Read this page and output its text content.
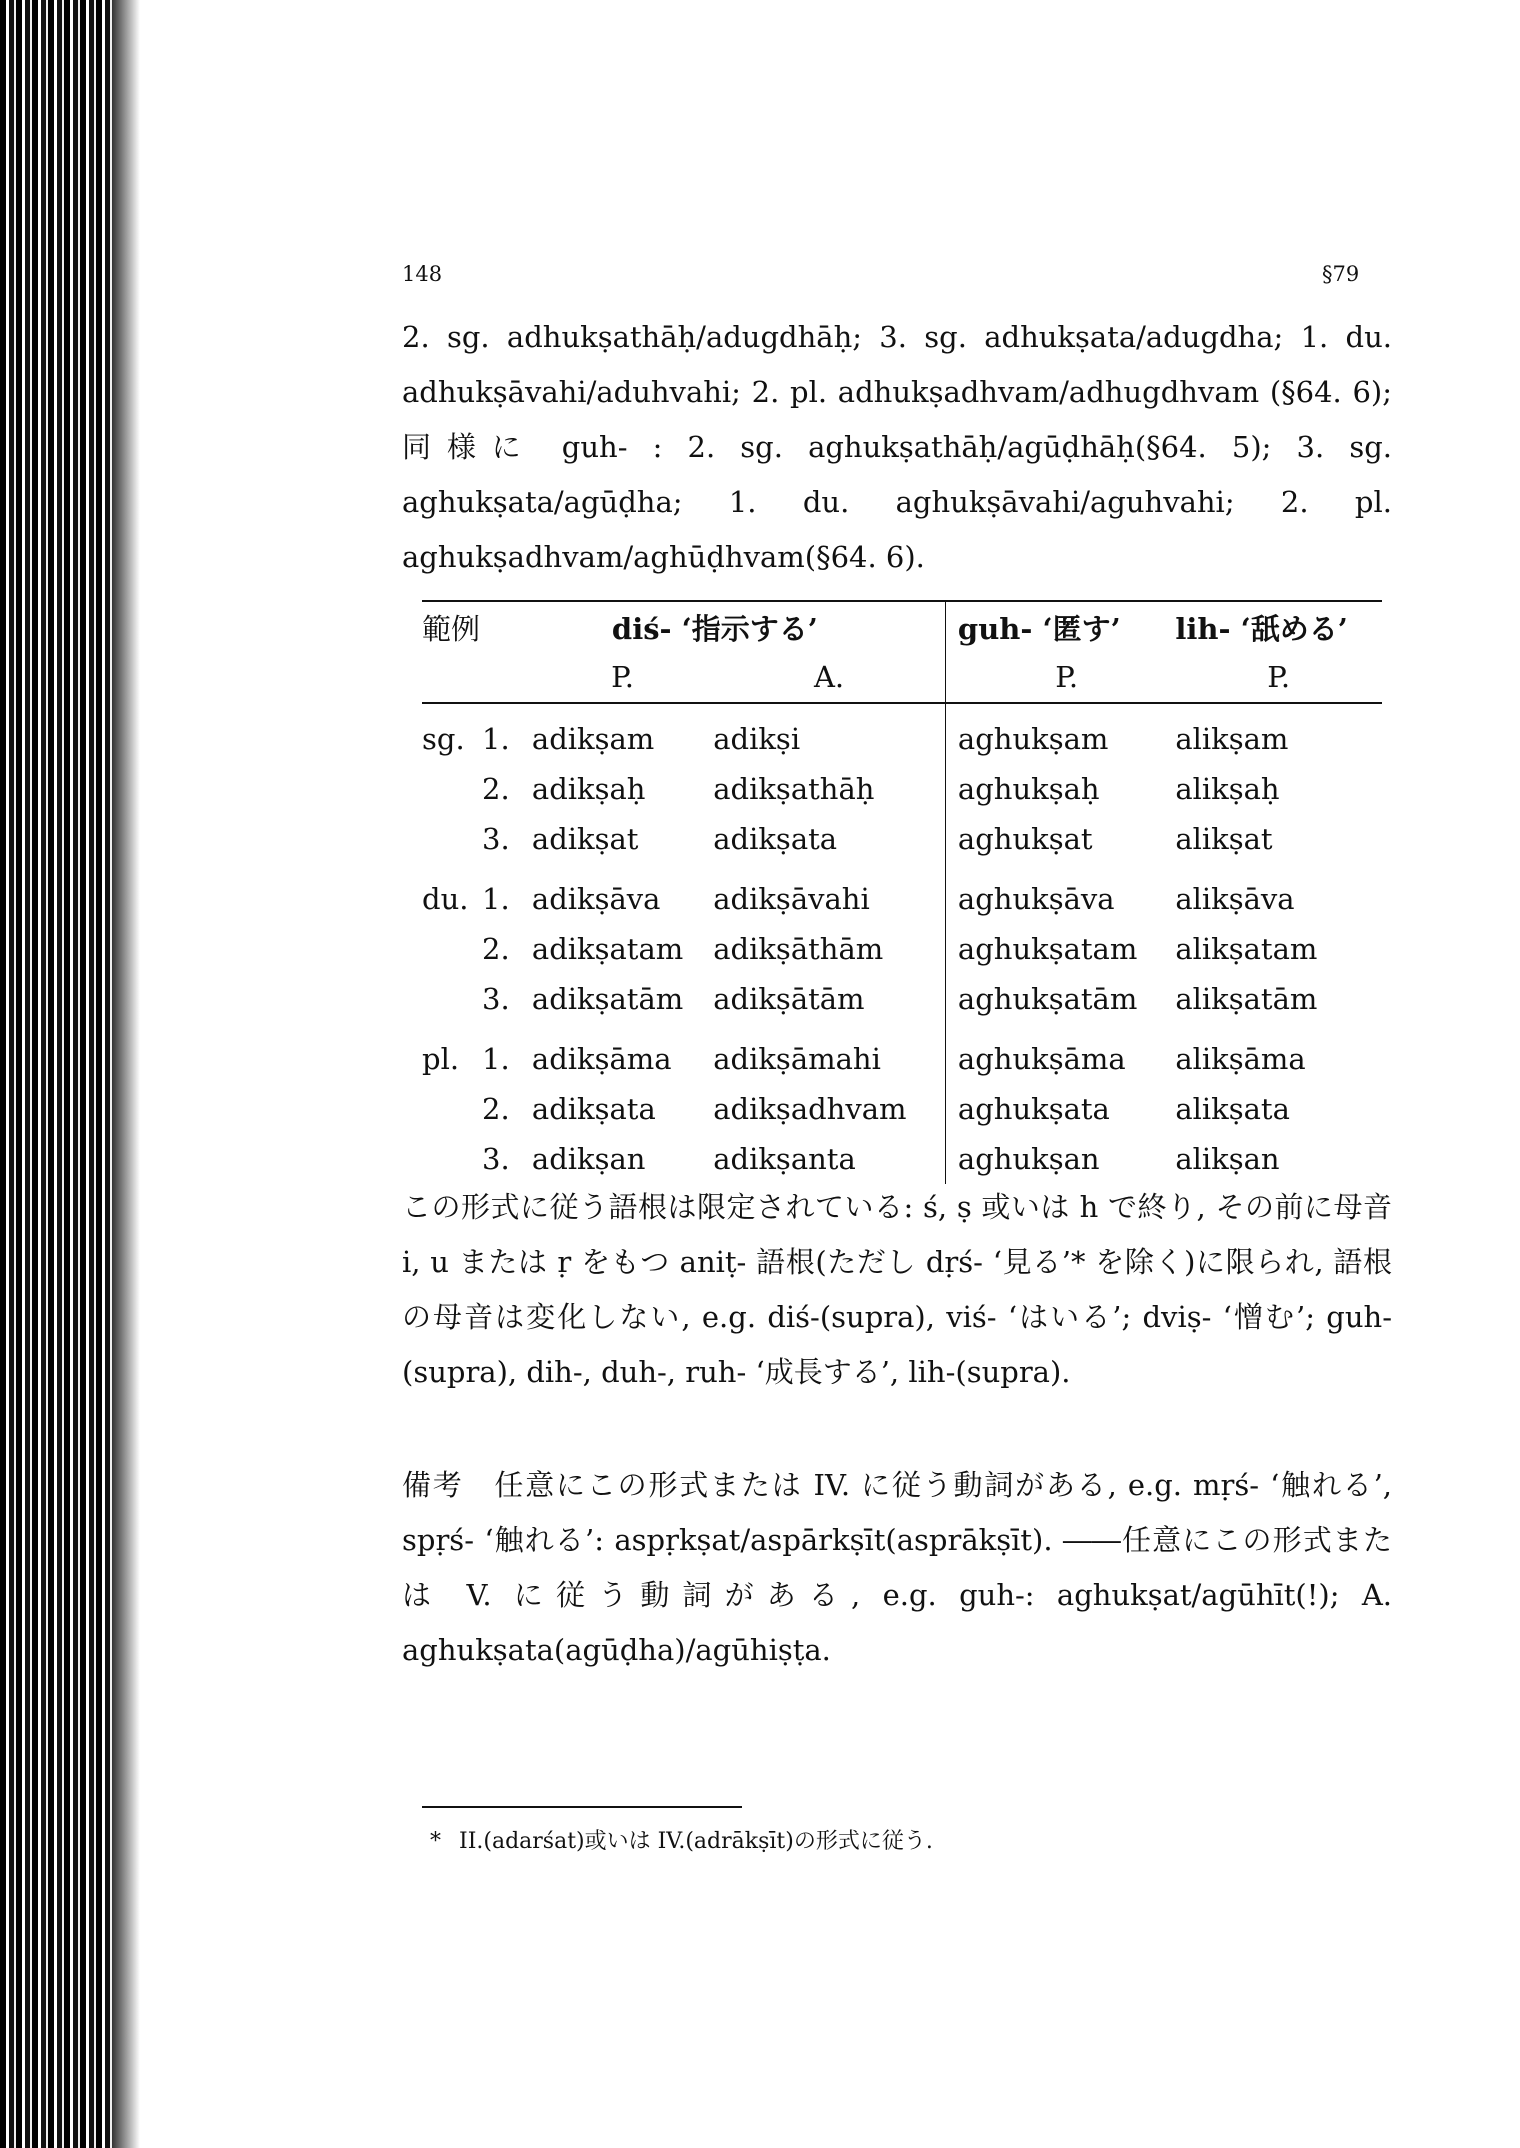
148	§79
2. sg. adhukṣathāḥ/adugdhāḥ; 3. sg. adhukṣata/adugdha; 1. du. adhukṣāvahi/aduhvahi; 2. pl. adhukṣadhvam/adhugdhvam (§64. 6); 同様に guh- : 2. sg. aghukṣathāḥ/agūḍhāḥ(§64. 5); 3. sg. aghukṣata/agūḍha; 1. du. aghukṣāvahi/aguhvahi; 2. pl. aghukṣadhvam/aghūḍhvam(§64. 6).
範例		diś- ‘指示する’		guh- ‘匿す’	lih- ‘舐める’
		P.	A.	P.	P.
sg.	1.	adikṣam	adikṣi	aghukṣam	alikṣam
	2.	adikṣaḥ	adikṣathāḥ	aghukṣaḥ	alikṣaḥ
	3.	adikṣat	adikṣata	aghukṣat	alikṣat
du.	1.	adikṣāva	adikṣāvahi	aghukṣāva	alikṣāva
	2.	adikṣatam	adikṣāthām	aghukṣatam	alikṣatam
	3.	adikṣatām	adikṣātām	aghukṣatām	alikṣatām
pl.	1.	adikṣāma	adikṣāmahi	aghukṣāma	alikṣāma
	2.	adikṣata	adikṣadhvam	aghukṣata	alikṣata
	3.	adikṣan	adikṣanta	aghukṣan	alikṣan
この形式に従う語根は限定されている: ś, ṣ 或いは h で終り, その前に母音 i, u または ṛ をもつ aniṭ- 語根(ただし dṛś- ‘見る’* を除く)に限られ, 語根の母音は変化しない, e.g. diś-(supra), viś- ‘はいる’; dviṣ- ‘憎む’; guh-(supra), dih-, duh-, ruh- ‘成長する’, lih-(supra).
備考　任意にこの形式または IV. に従う動詞がある, e.g. mṛś- ‘触れる’, spṛś- ‘触れる’: aspṛkṣat/aspārkṣīt(asprākṣīt). ――任意にこの形式または V. に従う動詞がある, e.g. guh-: aghukṣat/agūhīt(!); A. aghukṣata(agūḍha)/agūhiṣṭa.
* II.(adarśat)或いは IV.(adrākṣīt)の形式に従う.
